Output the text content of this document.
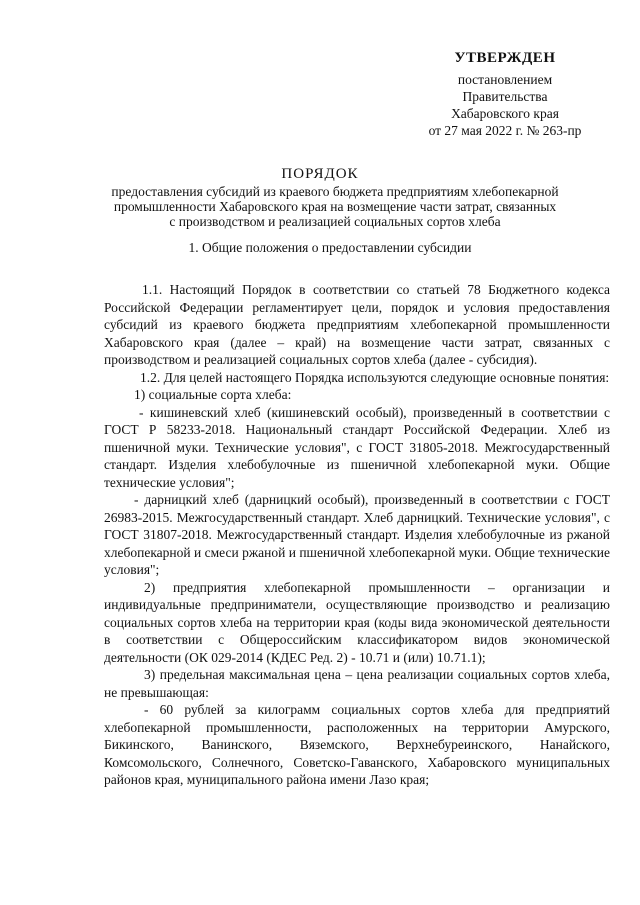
УТВЕРЖДЕН
постановлением
Правительства
Хабаровского края
от 27 мая 2022 г. № 263-пр
ПОРЯДОК
предоставления субсидий из краевого бюджета предприятиям хлебопекарной промышленности Хабаровского края на возмещение части затрат, связанных с производством и реализацией социальных сортов хлеба
1. Общие положения о предоставлении субсидии

1.1. Настоящий Порядок в соответствии со статьей 78 Бюджетного кодекса Российской Федерации регламентирует цели, порядок и условия предоставления субсидий из краевого бюджета предприятиям хлебопекарной промышленности Хабаровского края (далее – край) на возмещение части затрат, связанных с производством и реализацией социальных сортов хлеба (далее - субсидия).

1.2. Для целей настоящего Порядка используются следующие основные понятия:

1) социальные сорта хлеба:

- кишиневский хлеб (кишиневский особый), произведенный в соответствии с ГОСТ Р 58233-2018. Национальный стандарт Российской Федерации. Хлеб из пшеничной муки. Технические условия", с ГОСТ 31805-2018. Межгосударственный стандарт. Изделия хлебобулочные из пшеничной хлебопекарной муки. Общие технические условия";

- дарницкий хлеб (дарницкий особый), произведенный в соответствии с ГОСТ 26983-2015. Межгосударственный стандарт. Хлеб дарницкий. Технические условия", с ГОСТ 31807-2018. Межгосударственный стандарт. Изделия хлебобулочные из ржаной хлебопекарной и смеси ржаной и пшеничной хлебопекарной муки. Общие технические условия";

2) предприятия хлебопекарной промышленности – организации и индивидуальные предприниматели, осуществляющие производство и реализацию социальных сортов хлеба на территории края (коды вида экономической деятельности в соответствии с Общероссийским классификатором видов экономической деятельности (ОК 029-2014 (КДЕС Ред. 2) - 10.71 и (или) 10.71.1);

3) предельная максимальная цена – цена реализации социальных сортов хлеба, не превышающая:

- 60 рублей за килограмм социальных сортов хлеба для предприятий хлебопекарной промышленности, расположенных на территории Амурского, Бикинского, Ванинского, Вяземского, Верхнебуреинского, Нанайского, Комсомольского, Солнечного, Советско-Гаванского, Хабаровского муниципальных районов края, муниципального района имени Лазо края;
